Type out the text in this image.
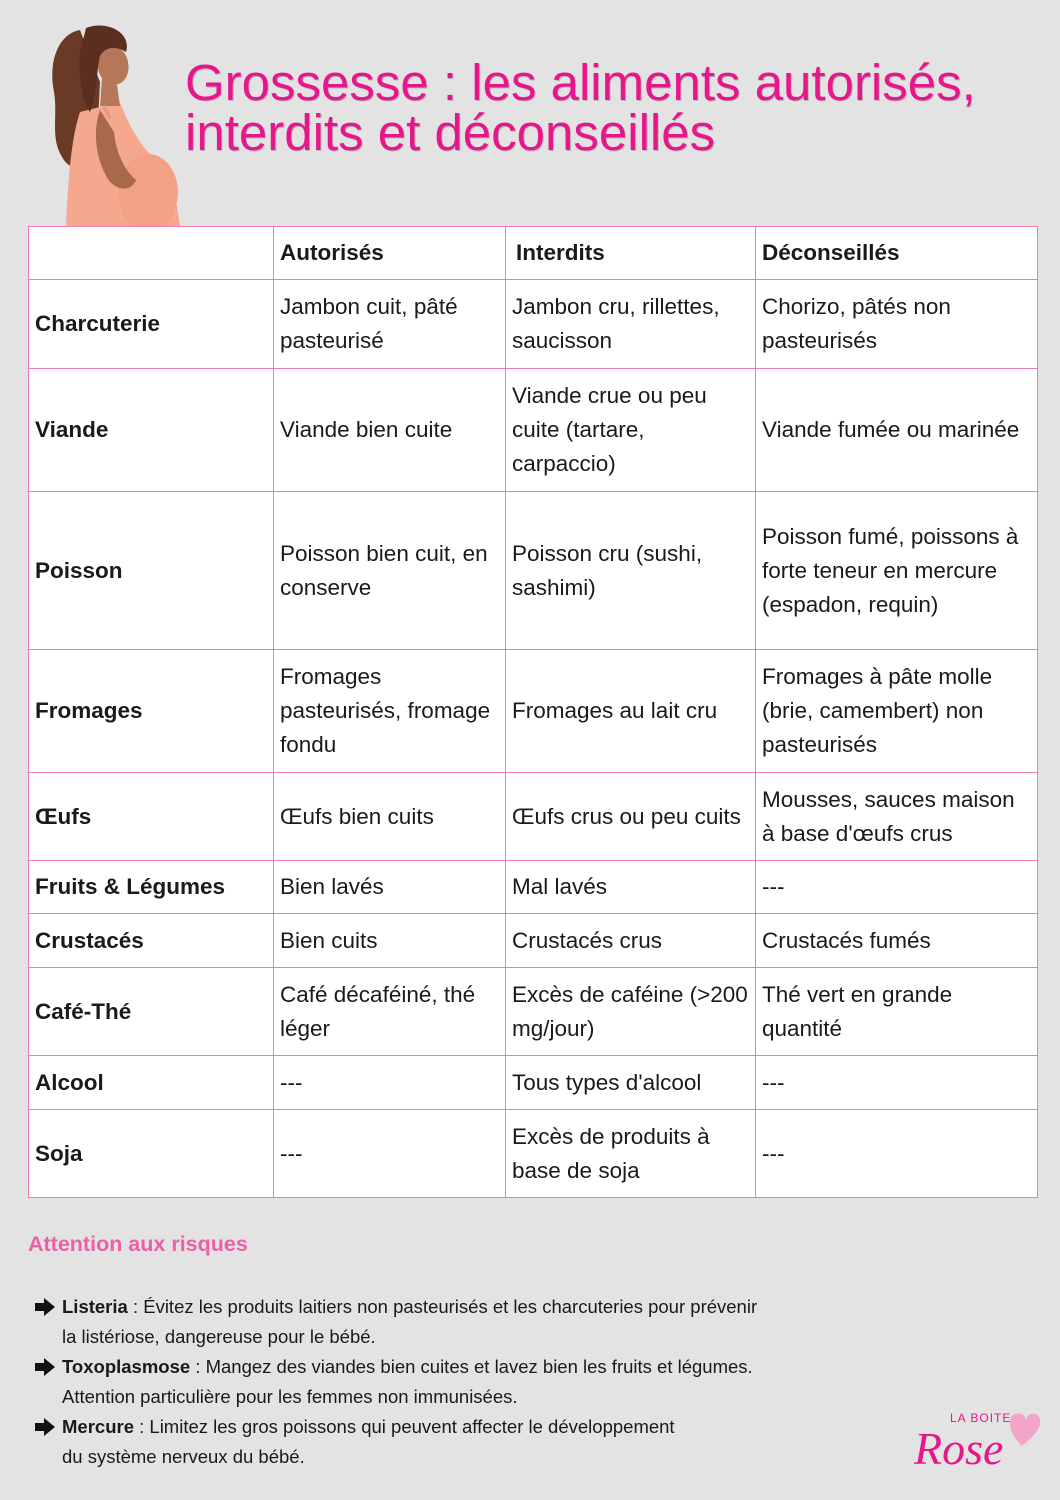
Grossesse : les aliments autorisés,
interdits et déconseillés
	Autorisés	Interdits	Déconseillés
Charcuterie	Jambon cuit, pâté pasteurisé	Jambon cru, rillettes, saucisson	Chorizo, pâtés non pasteurisés
Viande	Viande bien cuite	Viande crue ou peu cuite (tartare, carpaccio)	Viande fumée ou marinée
Poisson	Poisson bien cuit, en conserve	Poisson cru (sushi, sashimi)	Poisson fumé, poissons à forte teneur en mercure (espadon, requin)
Fromages	Fromages pasteurisés, fromage fondu	Fromages au lait cru	Fromages à pâte molle (brie, camembert) non pasteurisés
Œufs	Œufs bien cuits	Œufs crus ou peu cuits	Mousses, sauces maison à base d'œufs crus
Fruits & Légumes	Bien lavés	Mal lavés	---
Crustacés	Bien cuits	Crustacés crus	Crustacés fumés
Café-Thé	Café décaféiné, thé léger	Excès de caféine (>200 mg/jour)	Thé vert en grande quantité
Alcool	---	Tous types d'alcool	---
Soja	---	Excès de produits à base de soja	---
Attention aux risques
Listeria : Évitez les produits laitiers non pasteurisés et les charcuteries pour prévenir
la listériose, dangereuse pour le bébé.
Toxoplasmose : Mangez des viandes bien cuites et lavez bien les fruits et légumes.
Attention particulière pour les femmes non immunisées.
Mercure : Limitez les gros poissons qui peuvent affecter le développement
du système nerveux du bébé.
LA BOITE
Rose
